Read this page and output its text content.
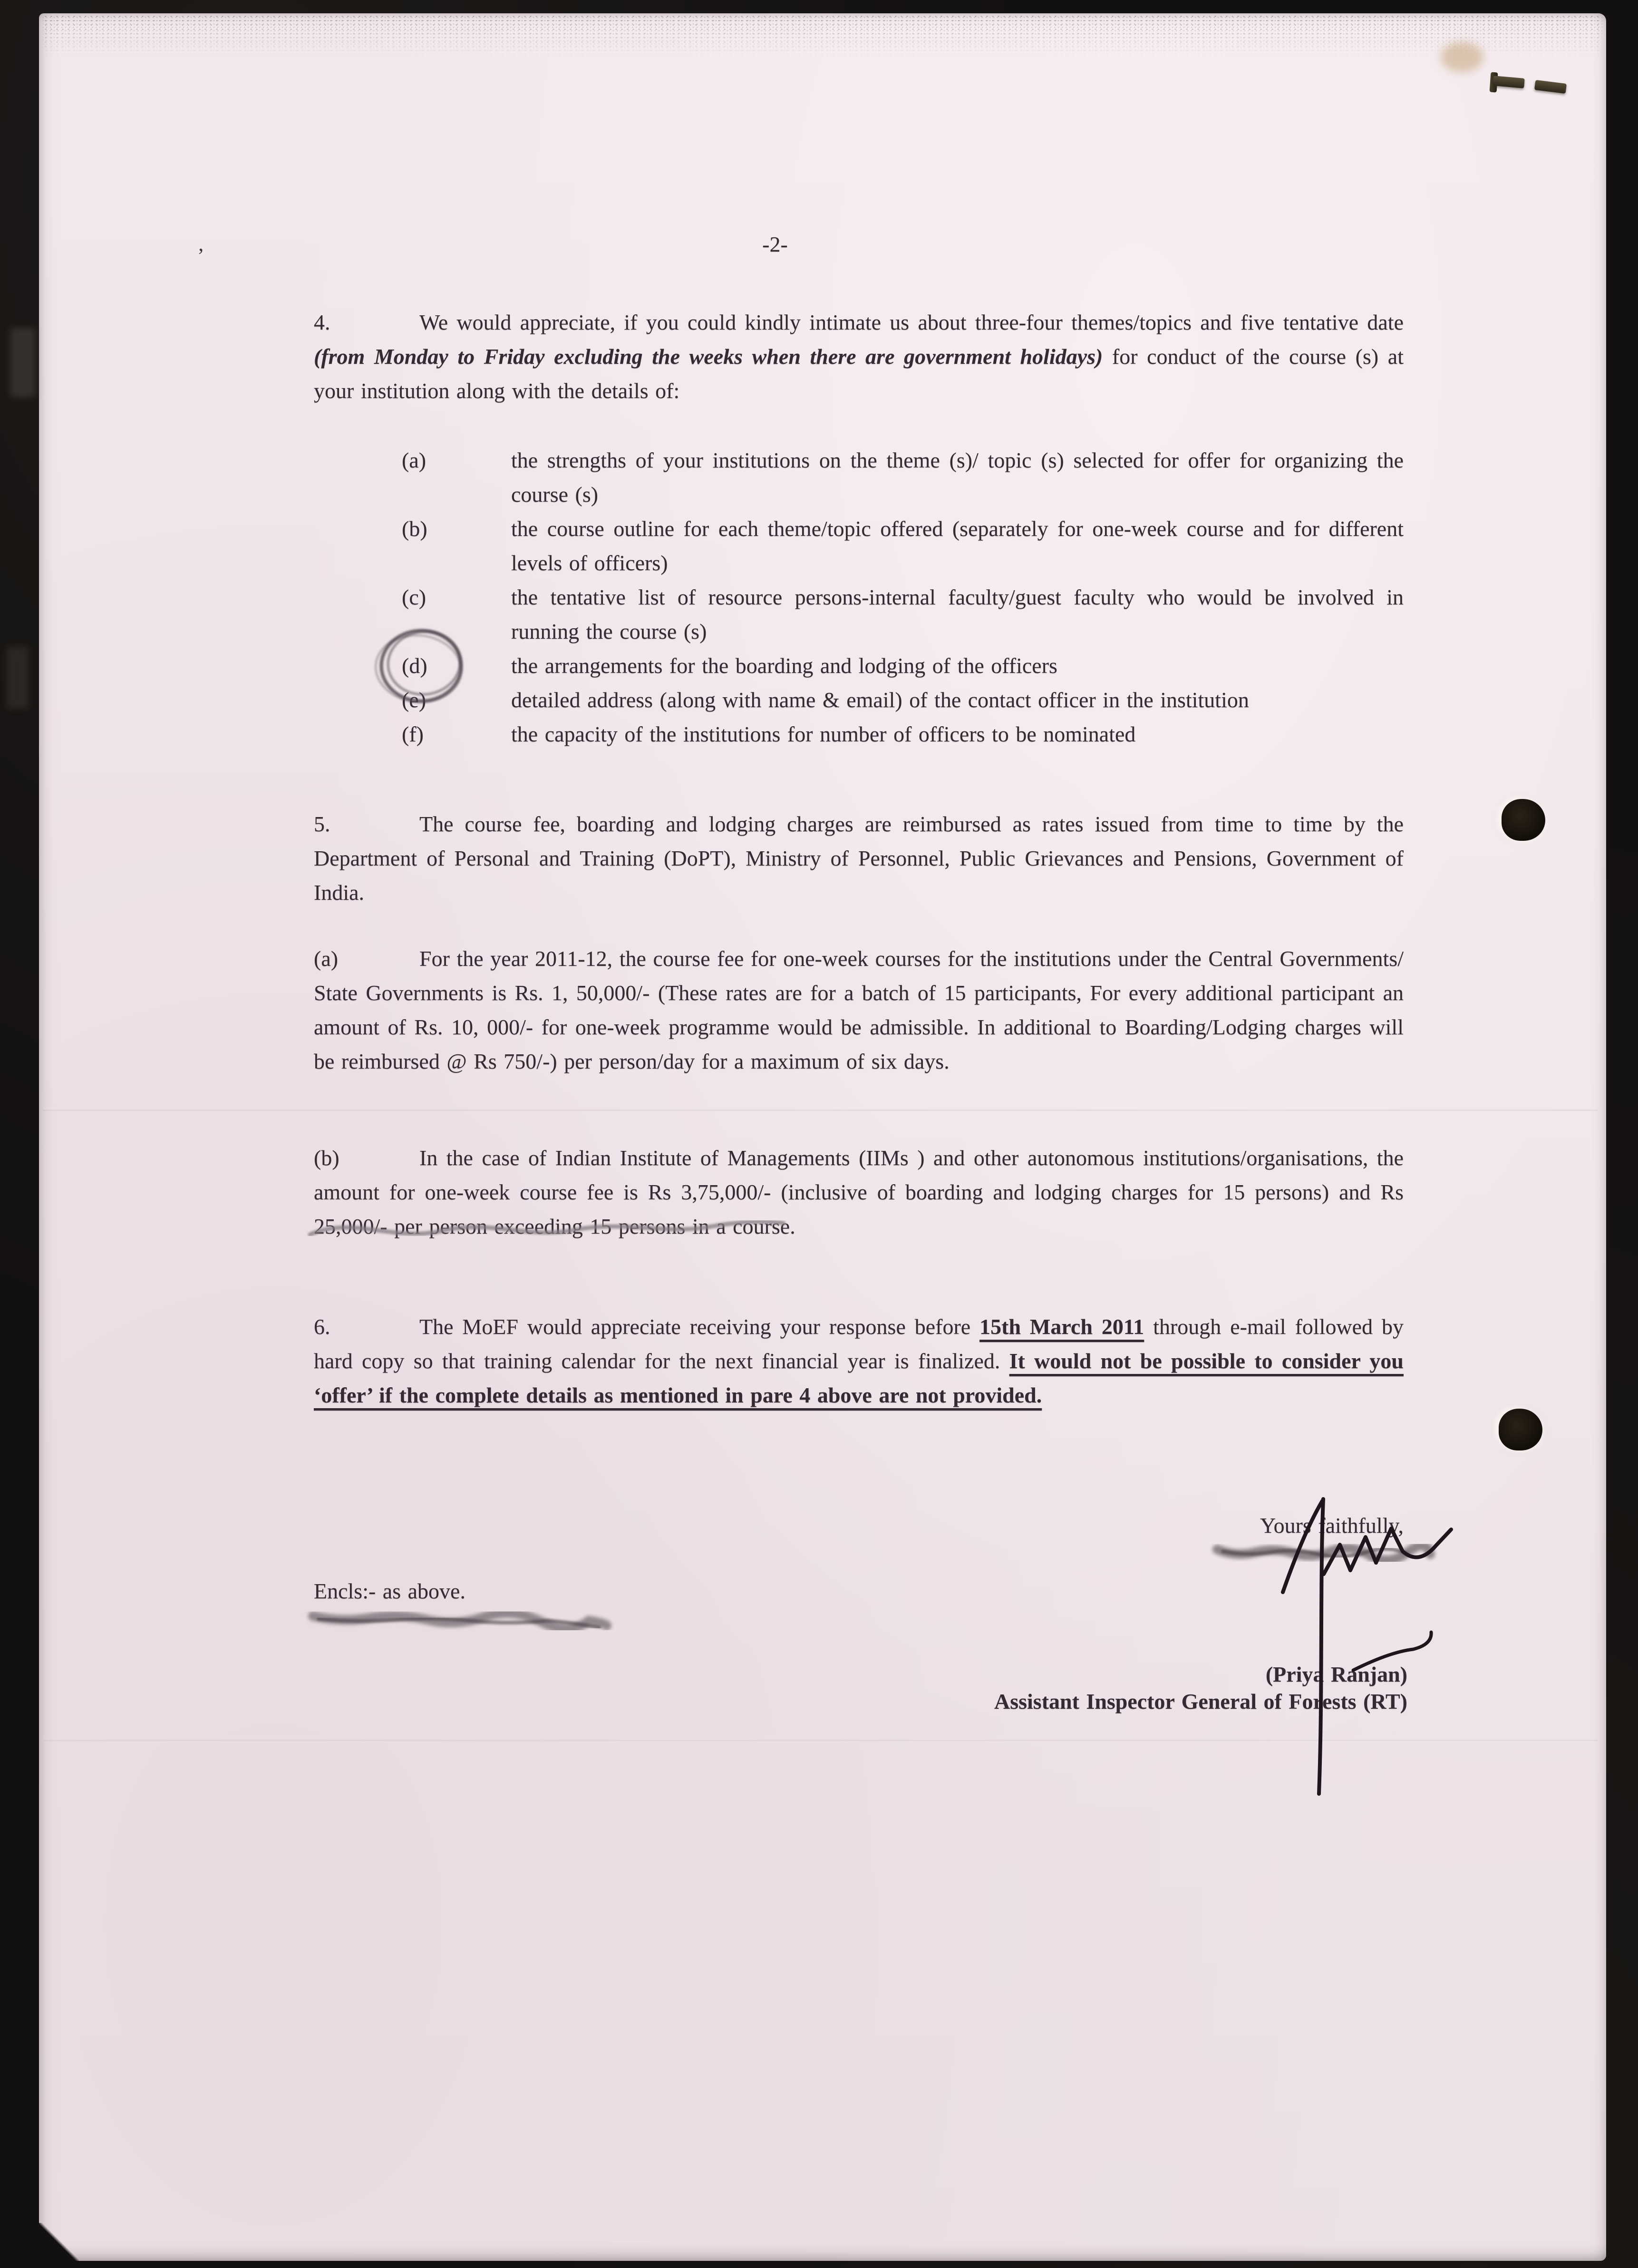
’	-2-
4.	We would appreciate, if you could kindly intimate us about three-four themes/topics and five tentative date (from Monday to Friday excluding the weeks when there are government holidays) for conduct of the course (s) at your institution along with the details of:
(a)	the strengths of your institutions on the theme (s)/ topic (s) selected for offer for organizing the course (s)
(b)	the course outline for each theme/topic offered (separately for one-week course and for different levels of officers)
(c)	the tentative list of resource persons-internal faculty/guest faculty who would be involved in running the course (s)
(d)	the arrangements for the boarding and lodging of the officers
(e)	detailed address (along with name & email) of the contact officer in the institution
(f)	the capacity of the institutions for number of officers to be nominated
5.	The course fee, boarding and lodging charges are reimbursed as rates issued from time to time by the Department of Personal and Training (DoPT), Ministry of Personnel, Public Grievances and Pensions, Government of India.
(a)	For the year 2011-12, the course fee for one-week courses for the institutions under the Central Governments/ State Governments is Rs. 1, 50,000/- (These rates are for a batch of 15 participants, For every additional participant an amount of Rs. 10, 000/- for one-week programme would be admissible. In additional to Boarding/Lodging charges will be reimbursed @ Rs 750/-) per person/day for a maximum of six days.
(b)	In the case of Indian Institute of Managements (IIMs ) and other autonomous institutions/organisations, the amount for one-week course fee is Rs 3,75,000/- (inclusive of boarding and lodging charges for 15 persons) and Rs 25,000/- per person exceeding 15 persons in a course.
6.	The MoEF would appreciate receiving your response before 15th March 2011 through e-mail followed by hard copy so that training calendar for the next financial year is finalized. It would not be possible to consider you ‘offer’ if the complete details as mentioned in pare 4 above are not provided.
Yours faithfully,
Encls:- as above.
(Priya Ranjan)
Assistant Inspector General of Forests (RT)
